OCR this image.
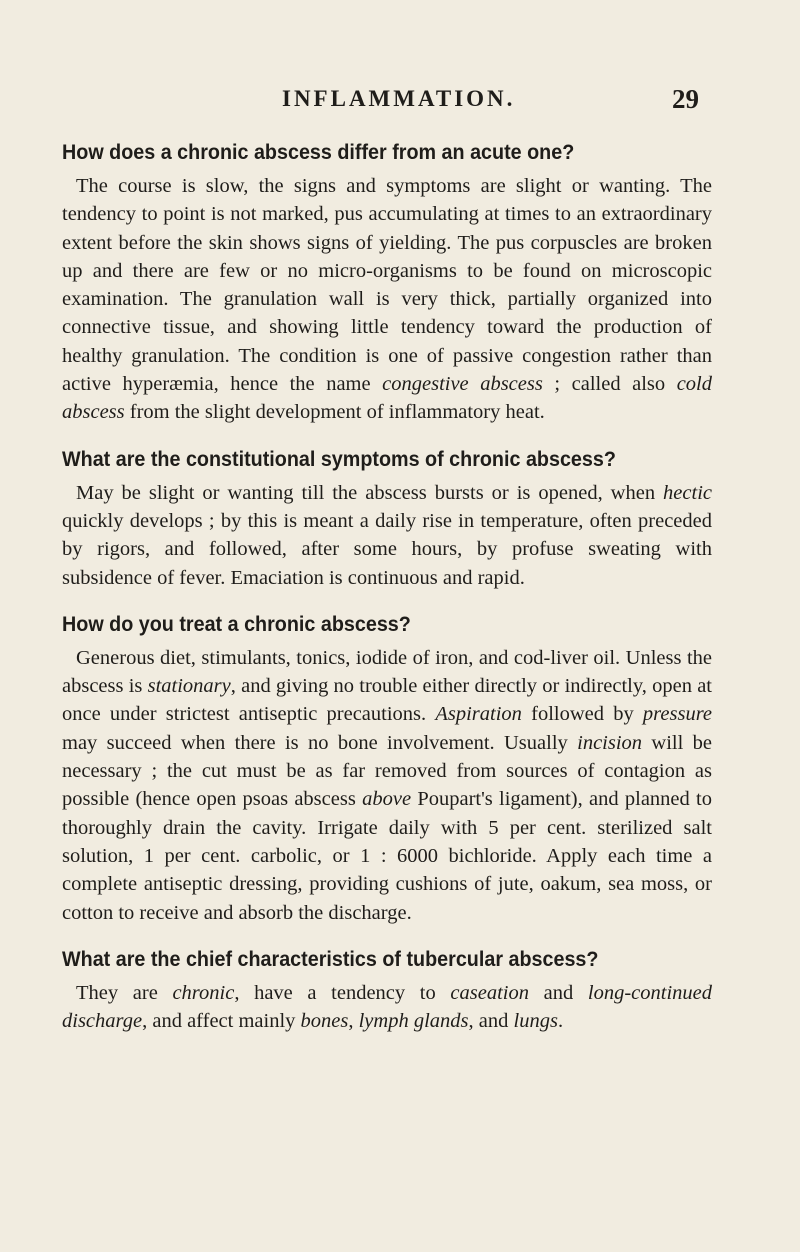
INFLAMMATION.	29
How does a chronic abscess differ from an acute one?

The course is slow, the signs and symptoms are slight or wanting. The tendency to point is not marked, pus accumulating at times to an extraordinary extent before the skin shows signs of yielding. The pus corpuscles are broken up and there are few or no micro-organisms to be found on microscopic examination. The granulation wall is very thick, partially organized into connective tissue, and showing little tendency toward the production of healthy granulation. The condition is one of passive congestion rather than active hyperæmia, hence the name congestive abscess ; called also cold abscess from the slight development of inflammatory heat.

What are the constitutional symptoms of chronic abscess?

May be slight or wanting till the abscess bursts or is opened, when hectic quickly develops ; by this is meant a daily rise in temperature, often preceded by rigors, and followed, after some hours, by profuse sweating with subsidence of fever. Emaciation is continuous and rapid.

How do you treat a chronic abscess?

Generous diet, stimulants, tonics, iodide of iron, and cod-liver oil. Unless the abscess is stationary, and giving no trouble either directly or indirectly, open at once under strictest antiseptic precautions. Aspiration followed by pressure may succeed when there is no bone involvement. Usually incision will be necessary ; the cut must be as far removed from sources of contagion as possible (hence open psoas abscess above Poupart's ligament), and planned to thoroughly drain the cavity. Irrigate daily with 5 per cent. sterilized salt solution, 1 per cent. carbolic, or 1 : 6000 bichloride. Apply each time a complete antiseptic dressing, providing cushions of jute, oakum, sea moss, or cotton to receive and absorb the discharge.

What are the chief characteristics of tubercular abscess?

They are chronic, have a tendency to caseation and long-continued discharge, and affect mainly bones, lymph glands, and lungs.
